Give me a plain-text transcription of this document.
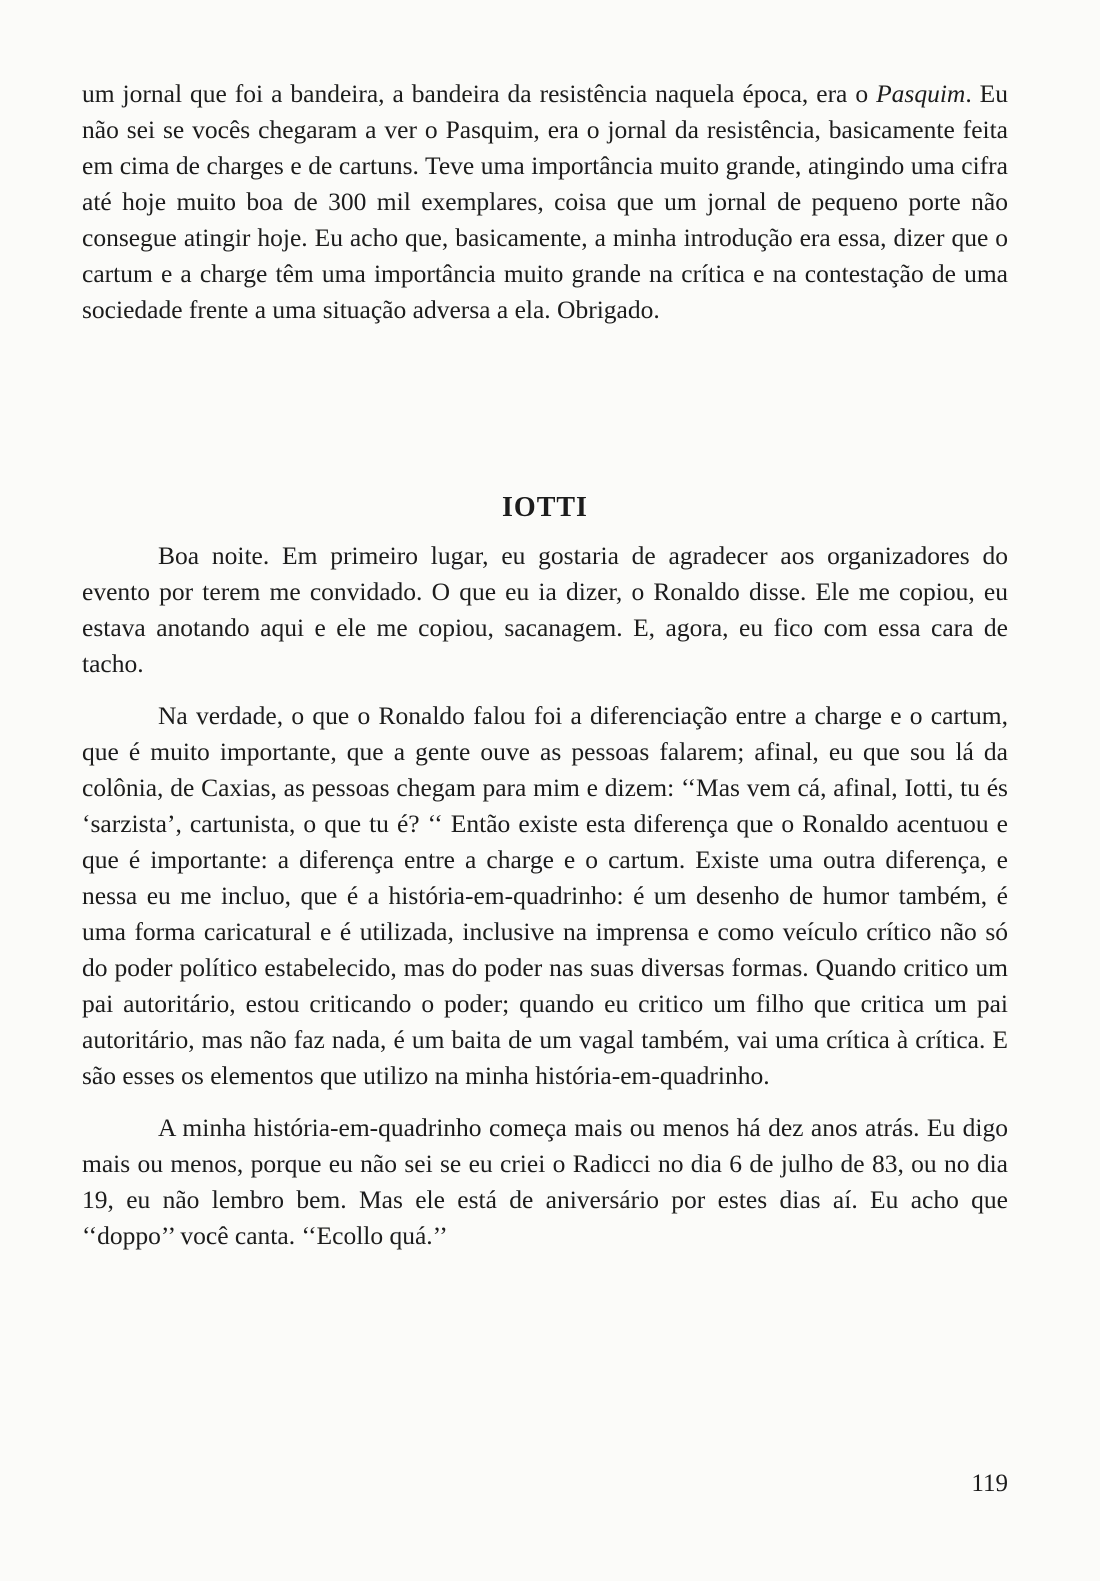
um jornal que foi a bandeira, a bandeira da resistência naquela época, era o Pasquim. Eu não sei se vocês chegaram a ver o Pasquim, era o jornal da resistência, basicamente feita em cima de charges e de cartuns. Teve uma importância muito grande, atingindo uma cifra até hoje muito boa de 300 mil exemplares, coisa que um jornal de pequeno porte não consegue atingir hoje. Eu acho que, basicamente, a minha introdução era essa, dizer que o cartum e a charge têm uma importância muito grande na crítica e na contestação de uma sociedade frente a uma situação adversa a ela. Obrigado.

IOTTI

Boa noite. Em primeiro lugar, eu gostaria de agradecer aos organizadores do evento por terem me convidado. O que eu ia dizer, o Ronaldo disse. Ele me copiou, eu estava anotando aqui e ele me copiou, sacanagem. E, agora, eu fico com essa cara de tacho.

Na verdade, o que o Ronaldo falou foi a diferenciação entre a charge e o cartum, que é muito importante, que a gente ouve as pessoas falarem; afinal, eu que sou lá da colônia, de Caxias, as pessoas chegam para mim e dizem: ‘‘Mas vem cá, afinal, Iotti, tu és ‘sarzista’, cartunista, o que tu é? ‘‘ Então existe esta diferença que o Ronaldo acentuou e que é importante: a diferença entre a charge e o cartum. Existe uma outra diferença, e nessa eu me incluo, que é a história-em-quadrinho: é um desenho de humor também, é uma forma caricatural e é utilizada, inclusive na imprensa e como veículo crítico não só do poder político estabelecido, mas do poder nas suas diversas formas. Quando critico um pai autoritário, estou criticando o poder; quando eu critico um filho que critica um pai autoritário, mas não faz nada, é um baita de um vagal também, vai uma crítica à crítica. E são esses os elementos que utilizo na minha história-em-quadrinho.

A minha história-em-quadrinho começa mais ou menos há dez anos atrás. Eu digo mais ou menos, porque eu não sei se eu criei o Radicci no dia 6 de julho de 83, ou no dia 19, eu não lembro bem. Mas ele está de aniversário por estes dias aí. Eu acho que ‘‘doppo’’ você canta. ‘‘Ecollo quá.’’

119
